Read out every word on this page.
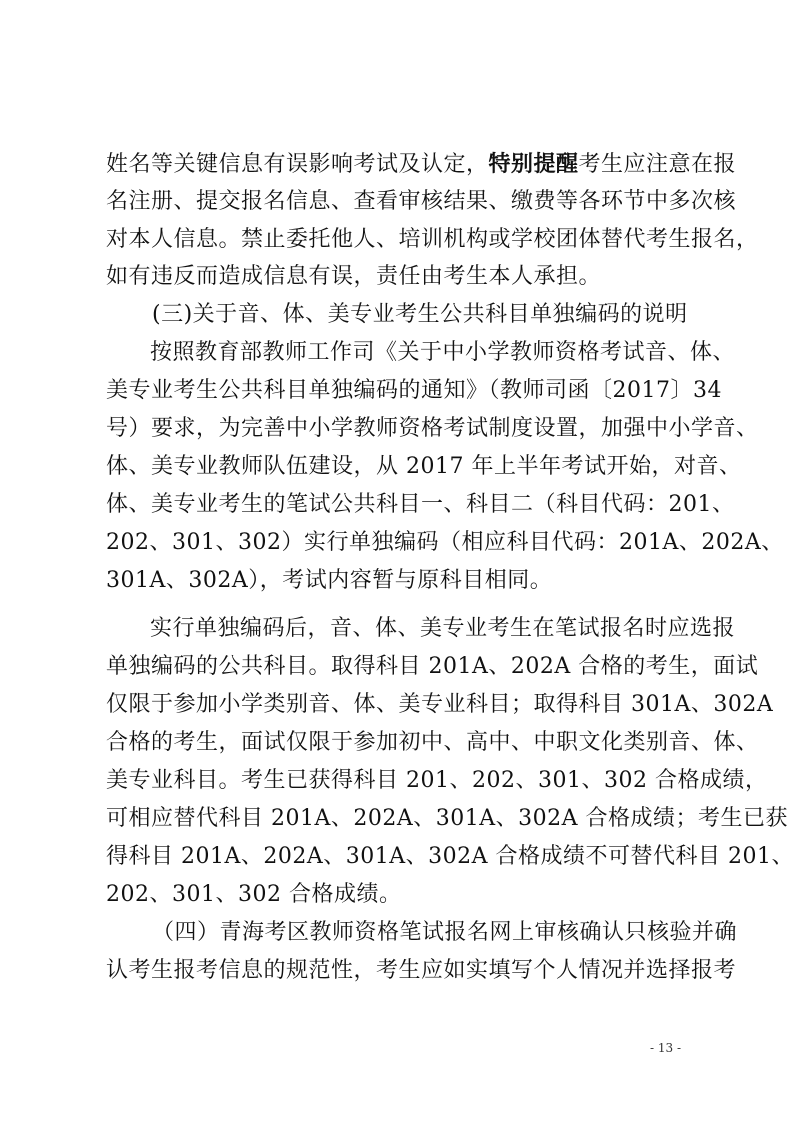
姓名等关键信息有误影响考试及认定，特别提醒考生应注意在报
名注册、提交报名信息、查看审核结果、缴费等各环节中多次核
对本人信息。禁止委托他人、培训机构或学校团体替代考生报名，
如有违反而造成信息有误，责任由考生本人承担。
(三)关于音、体、美专业考生公共科目单独编码的说明
按照教育部教师工作司《关于中小学教师资格考试音、体、
美专业考生公共科目单独编码的通知》（教师司函〔2017〕34
号）要求，为完善中小学教师资格考试制度设置，加强中小学音、
体、美专业教师队伍建设，从 2017 年上半年考试开始，对音、
体、美专业考生的笔试公共科目一、科目二（科目代码：201、
202、301、302）实行单独编码（相应科目代码：201A、202A、
301A、302A），考试内容暂与原科目相同。
实行单独编码后，音、体、美专业考生在笔试报名时应选报
单独编码的公共科目。取得科目 201A、202A 合格的考生，面试
仅限于参加小学类别音、体、美专业科目；取得科目 301A、302A
合格的考生，面试仅限于参加初中、高中、中职文化类别音、体、
美专业科目。考生已获得科目 201、202、301、302 合格成绩，
可相应替代科目 201A、202A、301A、302A 合格成绩；考生已获
得科目 201A、202A、301A、302A 合格成绩不可替代科目 201、
202、301、302 合格成绩。
（四）青海考区教师资格笔试报名网上审核确认只核验并确
认考生报考信息的规范性，考生应如实填写个人情况并选择报考
- 13 -
